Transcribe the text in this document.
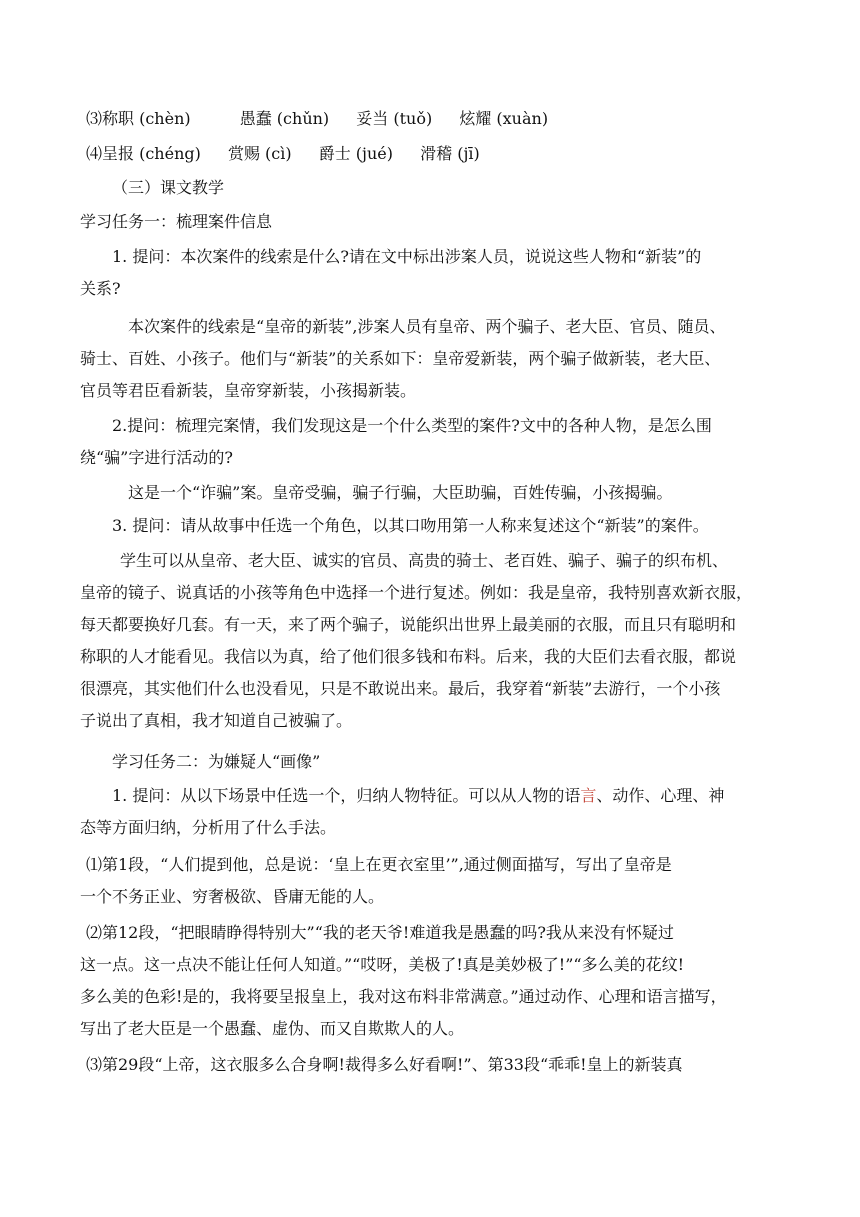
⑶称职 (chèn)	愚蠢 (chǔn) 妥当 (tuǒ) 炫耀 (xuàn)
⑷呈报 (chéng) 赏赐 (cì) 爵士 (jué) 滑稽 (jī)
（三）课文教学
学习任务一：梳理案件信息
1. 提问：本次案件的线索是什么?请在文中标出涉案人员，说说这些人物和“新装”的
关系?
本次案件的线索是“皇帝的新装”,涉案人员有皇帝、两个骗子、老大臣、官员、随员、
骑士、百姓、小孩子。他们与“新装”的关系如下：皇帝爱新装，两个骗子做新装，老大臣、
官员等君臣看新装，皇帝穿新装，小孩揭新装。
2.提问：梳理完案情，我们发现这是一个什么类型的案件?文中的各种人物，是怎么围
绕“骗”字进行活动的?
这是一个“诈骗”案。皇帝受骗，骗子行骗，大臣助骗，百姓传骗，小孩揭骗。
3. 提问：请从故事中任选一个角色，以其口吻用第一人称来复述这个“新装”的案件。
学生可以从皇帝、老大臣、诚实的官员、高贵的骑士、老百姓、骗子、骗子的织布机、
皇帝的镜子、说真话的小孩等角色中选择一个进行复述。例如：我是皇帝，我特别喜欢新衣服，
每天都要换好几套。有一天，来了两个骗子，说能织出世界上最美丽的衣服，而且只有聪明和
称职的人才能看见。我信以为真，给了他们很多钱和布料。后来，我的大臣们去看衣服，都说
很漂亮，其实他们什么也没看见，只是不敢说出来。最后，我穿着“新装”去游行，一个小孩
子说出了真相，我才知道自己被骗了。
学习任务二：为嫌疑人“画像”
1. 提问：从以下场景中任选一个，归纳人物特征。可以从人物的语言、动作、心理、神
态等方面归纳，分析用了什么手法。
⑴第1段，“人们提到他，总是说：‘皇上在更衣室里’”,通过侧面描写，写出了皇帝是
一个不务正业、穷奢极欲、昏庸无能的人。
⑵第12段，“把眼睛睁得特别大”“我的老天爷!难道我是愚蠢的吗?我从来没有怀疑过
这一点。这一点决不能让任何人知道。”“哎呀，美极了!真是美妙极了!”“多么美的花纹!
多么美的色彩!是的，我将要呈报皇上，我对这布料非常满意。”通过动作、心理和语言描写，
写出了老大臣是一个愚蠢、虚伪、而又自欺欺人的人。
⑶第29段“上帝，这衣服多么合身啊!裁得多么好看啊!”、第33段“乖乖!皇上的新装真
